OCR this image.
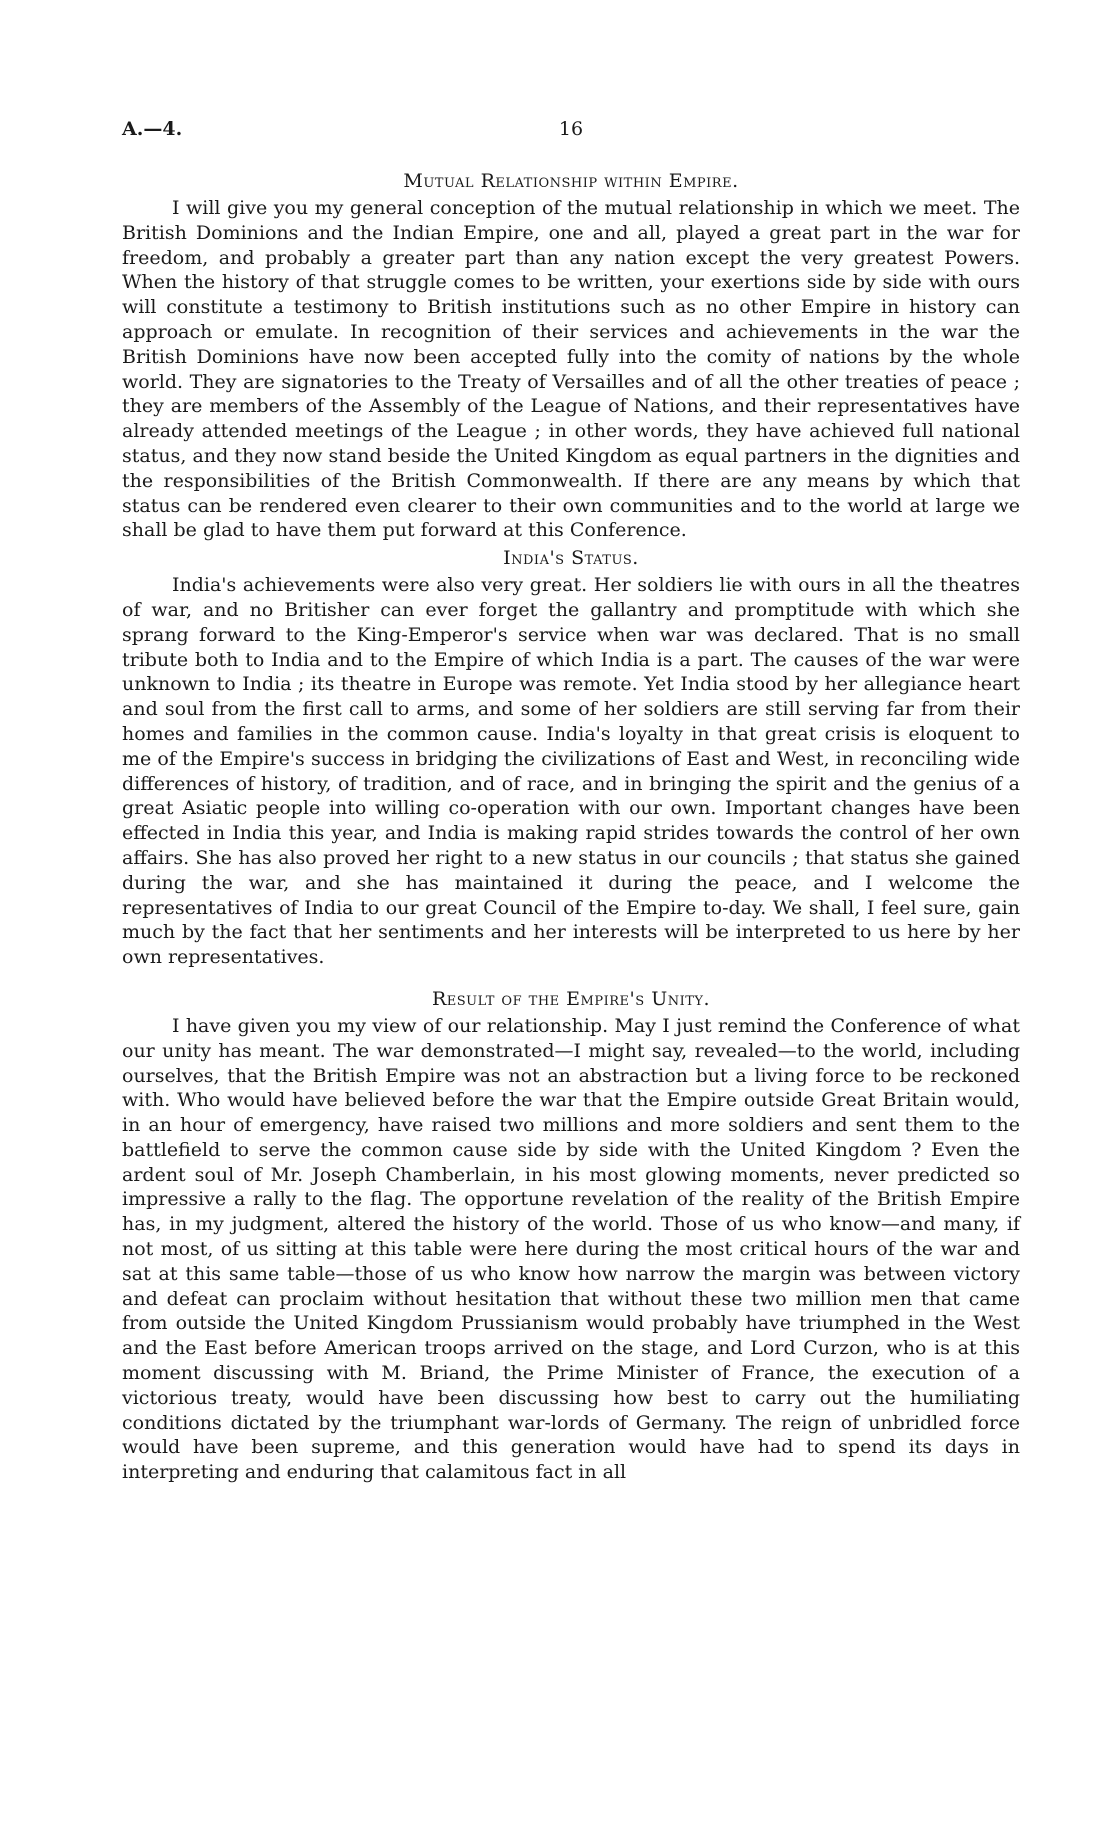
A.—4.	16
Mutual Relationship within Empire.

I will give you my general conception of the mutual relationship in which we meet. The British Dominions and the Indian Empire, one and all, played a great part in the war for freedom, and probably a greater part than any nation except the very greatest Powers. When the history of that struggle comes to be written, your exertions side by side with ours will constitute a testimony to British institutions such as no other Empire in history can approach or emulate. In recognition of their services and achievements in the war the British Dominions have now been accepted fully into the comity of nations by the whole world. They are signatories to the Treaty of Versailles and of all the other treaties of peace ; they are members of the Assembly of the League of Nations, and their representatives have already attended meetings of the League ; in other words, they have achieved full national status, and they now stand beside the United Kingdom as equal partners in the dignities and the responsibilities of the British Commonwealth. If there are any means by which that status can be rendered even clearer to their own communities and to the world at large we shall be glad to have them put forward at this Conference.

India's Status.

India's achievements were also very great. Her soldiers lie with ours in all the theatres of war, and no Britisher can ever forget the gallantry and promptitude with which she sprang forward to the King-Emperor's service when war was declared. That is no small tribute both to India and to the Empire of which India is a part. The causes of the war were unknown to India ; its theatre in Europe was remote. Yet India stood by her allegiance heart and soul from the first call to arms, and some of her soldiers are still serving far from their homes and families in the common cause. India's loyalty in that great crisis is eloquent to me of the Empire's success in bridging the civilizations of East and West, in reconciling wide differences of history, of tradition, and of race, and in bringing the spirit and the genius of a great Asiatic people into willing co-operation with our own. Important changes have been effected in India this year, and India is making rapid strides towards the control of her own affairs. She has also proved her right to a new status in our councils ; that status she gained during the war, and she has maintained it during the peace, and I welcome the representatives of India to our great Council of the Empire to-day. We shall, I feel sure, gain much by the fact that her sentiments and her interests will be interpreted to us here by her own representatives.

Result of the Empire's Unity.

I have given you my view of our relationship. May I just remind the Conference of what our unity has meant. The war demonstrated—I might say, revealed—to the world, including ourselves, that the British Empire was not an abstraction but a living force to be reckoned with. Who would have believed before the war that the Empire outside Great Britain would, in an hour of emergency, have raised two millions and more soldiers and sent them to the battlefield to serve the common cause side by side with the United Kingdom ? Even the ardent soul of Mr. Joseph Chamberlain, in his most glowing moments, never predicted so impressive a rally to the flag. The opportune revelation of the reality of the British Empire has, in my judgment, altered the history of the world. Those of us who know—and many, if not most, of us sitting at this table were here during the most critical hours of the war and sat at this same table—those of us who know how narrow the margin was between victory and defeat can proclaim without hesitation that without these two million men that came from outside the United Kingdom Prussianism would probably have triumphed in the West and the East before American troops arrived on the stage, and Lord Curzon, who is at this moment discussing with M. Briand, the Prime Minister of France, the execution of a victorious treaty, would have been discussing how best to carry out the humiliating conditions dictated by the triumphant war-lords of Germany. The reign of unbridled force would have been supreme, and this generation would have had to spend its days in interpreting and enduring that calamitous fact in all
